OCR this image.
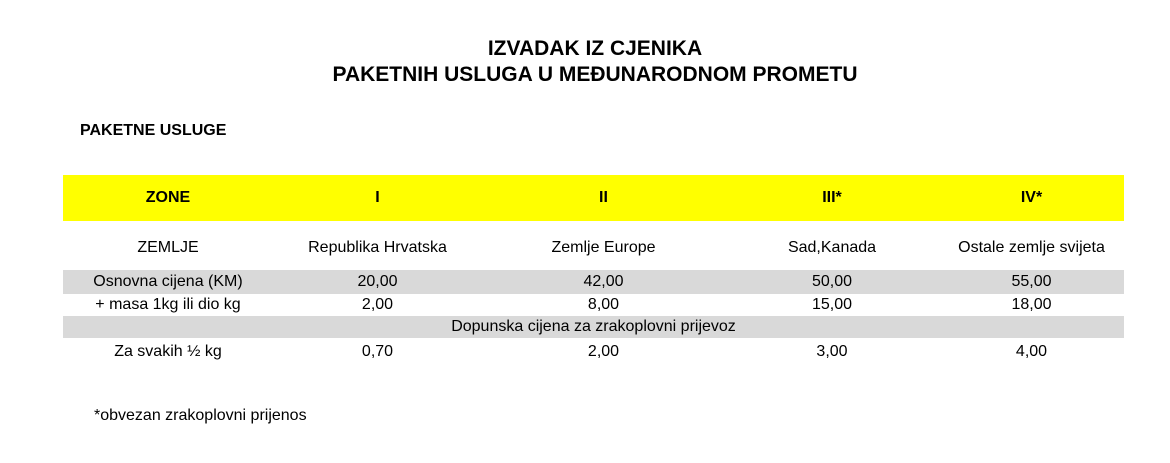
IZVADAK IZ CJENIKA
PAKETNIH USLUGA U MEĐUNARODNOM PROMETU
PAKETNE USLUGE
ZONE	I	II	III*	IV*
ZEMLJE	Republika Hrvatska	Zemlje Europe	Sad,Kanada	Ostale zemlje svijeta
Osnovna cijena (KM)	20,00	42,00	50,00	55,00
+ masa 1kg ili dio kg	2,00	8,00	15,00	18,00
Dopunska cijena za zrakoplovni prijevoz				
Za svakih ½ kg	0,70	2,00	3,00	4,00
*obvezan zrakoplovni prijenos
